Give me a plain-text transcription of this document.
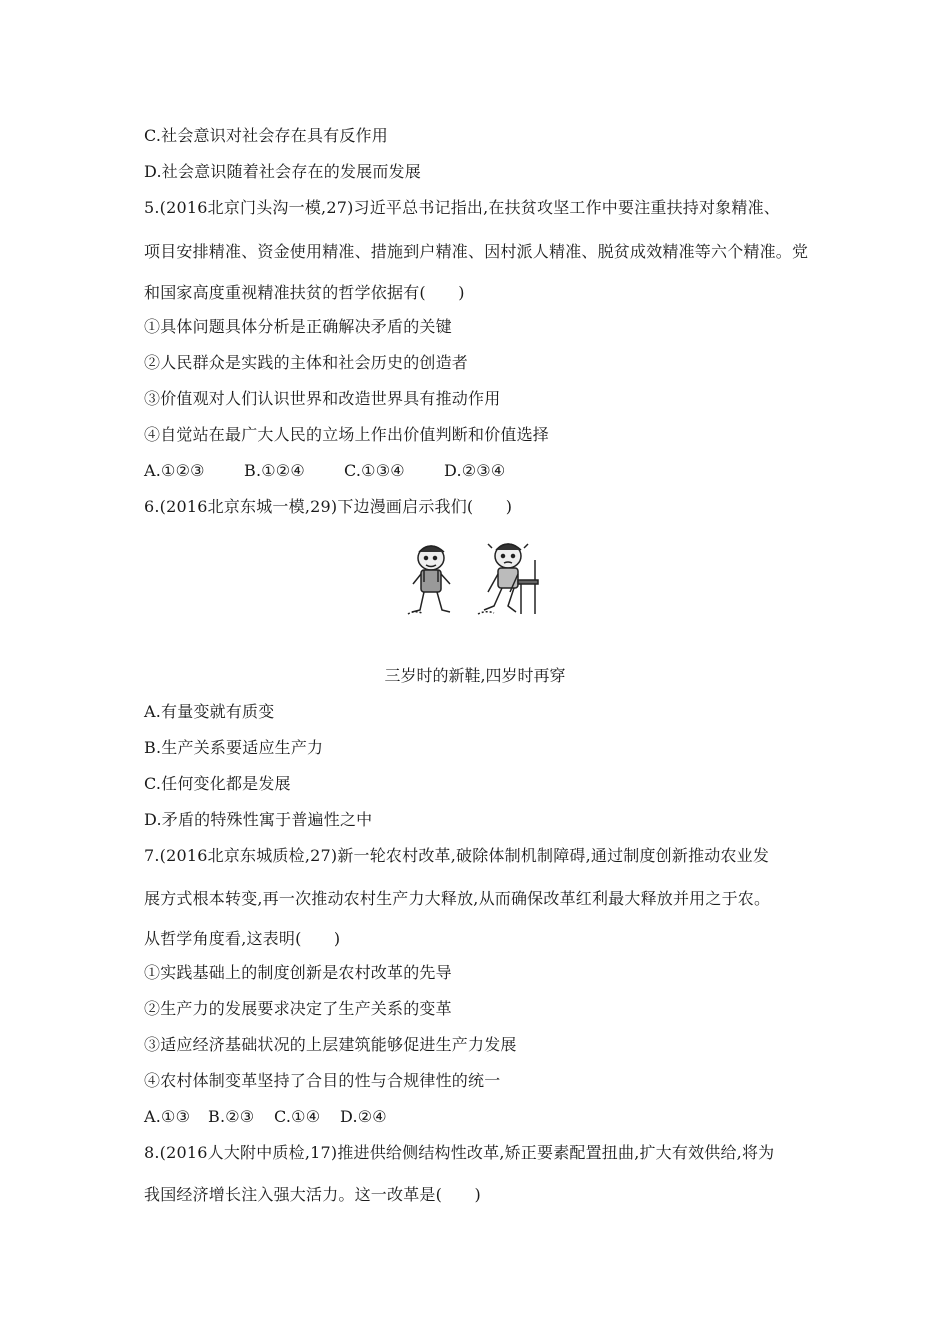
C.社会意识对社会存在具有反作用
D.社会意识随着社会存在的发展而发展
5.(2016北京门头沟一模,27)习近平总书记指出,在扶贫攻坚工作中要注重扶持对象精准、
项目安排精准、资金使用精准、措施到户精准、因村派人精准、脱贫成效精准等六个精准。党
和国家高度重视精准扶贫的哲学依据有(　　)
①具体问题具体分析是正确解决矛盾的关键
②人民群众是实践的主体和社会历史的创造者
③价值观对人们认识世界和改造世界具有推动作用
④自觉站在最广大人民的立场上作出价值判断和价值选择
A.①②③ B.①②④ C.①③④ D.②③④
6.(2016北京东城一模,29)下边漫画启示我们(　　)
三岁时的新鞋,四岁时再穿
A.有量变就有质变
B.生产关系要适应生产力
C.任何变化都是发展
D.矛盾的特殊性寓于普遍性之中
7.(2016北京东城质检,27)新一轮农村改革,破除体制机制障碍,通过制度创新推动农业发
展方式根本转变,再一次推动农村生产力大释放,从而确保改革红利最大释放并用之于农。
从哲学角度看,这表明(　　)
①实践基础上的制度创新是农村改革的先导
②生产力的发展要求决定了生产关系的变革
③适应经济基础状况的上层建筑能够促进生产力发展
④农村体制变革坚持了合目的性与合规律性的统一
A.①③ B.②③ C.①④ D.②④
8.(2016人大附中质检,17)推进供给侧结构性改革,矫正要素配置扭曲,扩大有效供给,将为
我国经济增长注入强大活力。这一改革是(　　)
